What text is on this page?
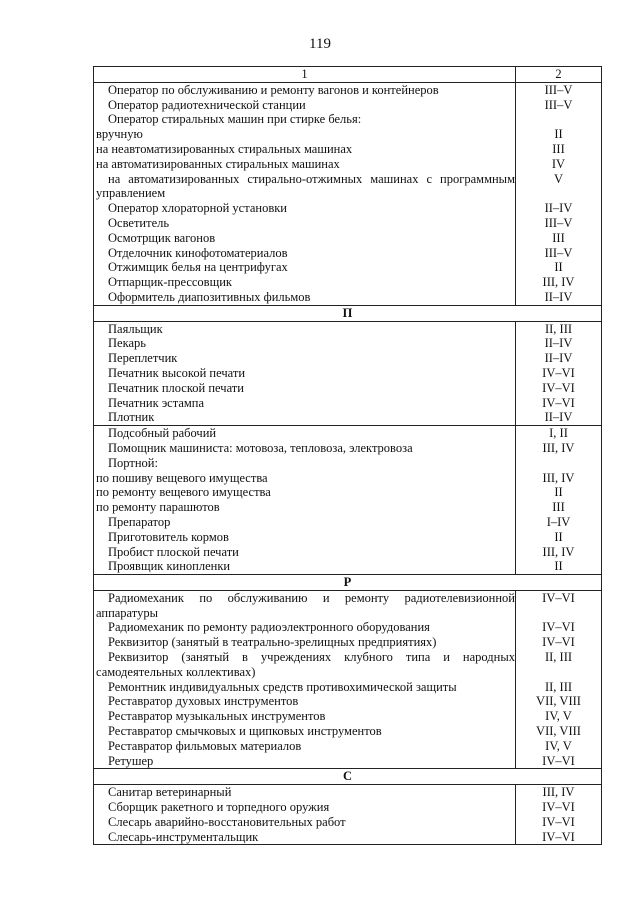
119
1	2
Оператор по обслуживанию и ремонту вагонов и контейнеров	III–V
Оператор радиотехнической станции	III–V
Оператор стиральных машин при стирке белья:	
вручную	II
на неавтоматизированных стиральных машинах	III
на автоматизированных стиральных машинах	IV
на автоматизированных стирально-отжимных машинах с программным управлением	V
Оператор хлораторной установки	II–IV
Осветитель	III–V
Осмотрщик вагонов	III
Отделочник кинофотоматериалов	III–V
Отжимщик белья на центрифугах	II
Отпарщик-прессовщик	III, IV
Оформитель диапозитивных фильмов	II–IV
П	
Паяльщик	II, III
Пекарь	II–IV
Переплетчик	II–IV
Печатник высокой печати	IV–VI
Печатник плоской печати	IV–VI
Печатник эстампа	IV–VI
Плотник	II–IV
Подсобный рабочий	I, II
Помощник машиниста: мотовоза, тепловоза, электровоза	III, IV
Портной:	
по пошиву вещевого имущества	III, IV
по ремонту вещевого имущества	II
по ремонту парашютов	III
Препаратор	I–IV
Приготовитель кормов	II
Пробист плоской печати	III, IV
Проявщик кинопленки	II
Р	
Радиомеханик по обслуживанию и ремонту радиотелевизионной аппаратуры	IV–VI
Радиомеханик по ремонту радиоэлектронного оборудования	IV–VI
Реквизитор (занятый в театрально-зрелищных предприятиях)	IV–VI
Реквизитор (занятый в учреждениях клубного типа и народных самодеятельных коллективах)	II, III
Ремонтник индивидуальных средств противохимической защиты	II, III
Реставратор духовых инструментов	VII, VIII
Реставратор музыкальных инструментов	IV, V
Реставратор смычковых и щипковых инструментов	VII, VIII
Реставратор фильмовых материалов	IV, V
Ретушер	IV–VI
С	
Санитар ветеринарный	III, IV
Сборщик ракетного и торпедного оружия	IV–VI
Слесарь аварийно-восстановительных работ	IV–VI
Слесарь-инструментальщик	IV–VI
